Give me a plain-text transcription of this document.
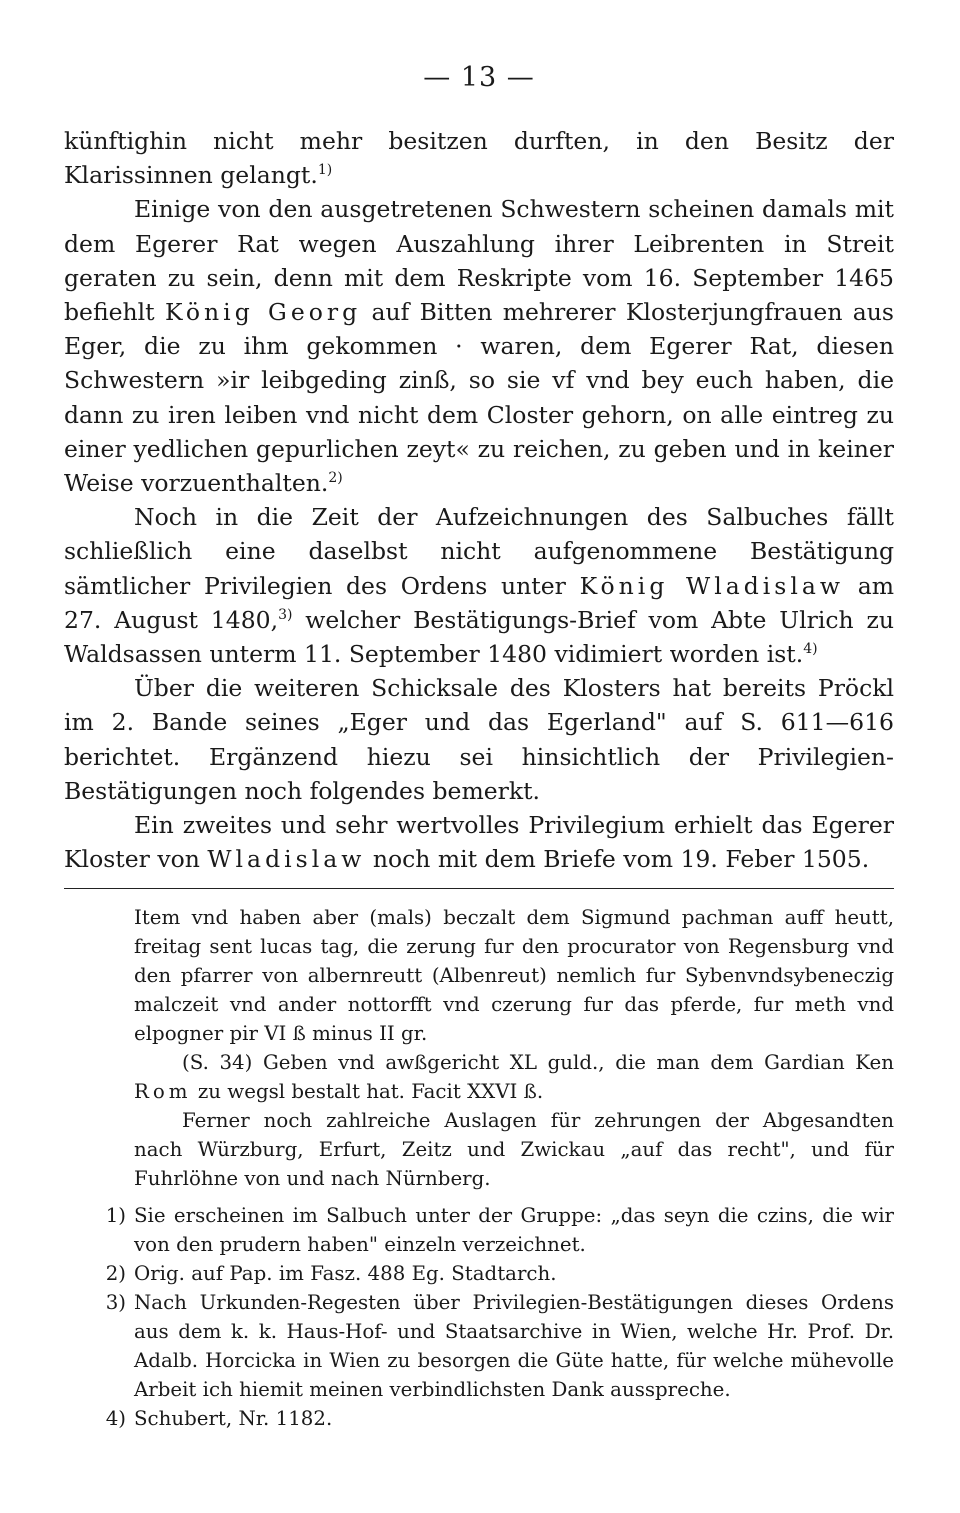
— 13 —

künftighin nicht mehr besitzen durften, in den Besitz der Klarissinnen gelangt.$^{1)}$

Einige von den ausgetretenen Schwestern scheinen damals mit dem Egerer Rat wegen Auszahlung ihrer Leibrenten in Streit geraten zu sein, denn mit dem Reskripte vom 16. September 1465 befiehlt König Georg auf Bitten mehrerer Klosterjungfrauen aus Eger, die zu ihm gekommen · waren, dem Egerer Rat, diesen Schwestern »ir leibgeding zinß, so sie vf vnd bey euch haben, die dann zu iren leiben vnd nicht dem Closter gehorn, on alle eintreg zu einer yedlichen gepurlichen zeyt« zu reichen, zu geben und in keiner Weise vorzuenthalten.$^{2)}$

Noch in die Zeit der Aufzeichnungen des Salbuches fällt schließlich eine daselbst nicht aufgenommene Bestätigung sämtlicher Privilegien des Ordens unter König Wladislaw am 27. August 1480,$^{3)}$ welcher Bestätigungs-Brief vom Abte Ulrich zu Waldsassen unterm 11. September 1480 vidimiert worden ist.$^{4)}$

Über die weiteren Schicksale des Klosters hat bereits Pröckl im 2. Bande seines „Eger und das Egerland" auf S. 611—616 berichtet. Ergänzend hiezu sei hinsichtlich der Privilegien-Bestätigungen noch folgendes bemerkt.

Ein zweites und sehr wertvolles Privilegium erhielt das Egerer Kloster von Wladislaw noch mit dem Briefe vom 19. Feber 1505.

Item vnd haben aber (mals) beczalt dem Sigmund pachman auff heutt, freitag sent lucas tag, die zerung fur den procurator von Regensburg vnd den pfarrer von albernreutt (Albenreut) nemlich fur Sybenvndsybeneczig malczeit vnd ander nottorfft vnd czerung fur das pferde, fur meth vnd elpogner pir VI ß minus II gr.

(S. 34) Geben vnd awßgericht XL guld., die man dem Gardian Ken Rom zu wegsl bestalt hat. Facit XXVI ß.

Ferner noch zahlreiche Auslagen für zehrungen der Abgesandten nach Würzburg, Erfurt, Zeitz und Zwickau „auf das recht", und für Fuhrlöhne von und nach Nürnberg.

1) Sie erscheinen im Salbuch unter der Gruppe: „das seyn die czins, die wir von den prudern haben" einzeln verzeichnet.
2) Orig. auf Pap. im Fasz. 488 Eg. Stadtarch.
3) Nach Urkunden-Regesten über Privilegien-Bestätigungen dieses Ordens aus dem k. k. Haus-Hof- und Staatsarchive in Wien, welche Hr. Prof. Dr. Adalb. Horcicka in Wien zu besorgen die Güte hatte, für welche mühevolle Arbeit ich hiemit meinen verbindlichsten Dank ausspreche.
4) Schubert, Nr. 1182.
